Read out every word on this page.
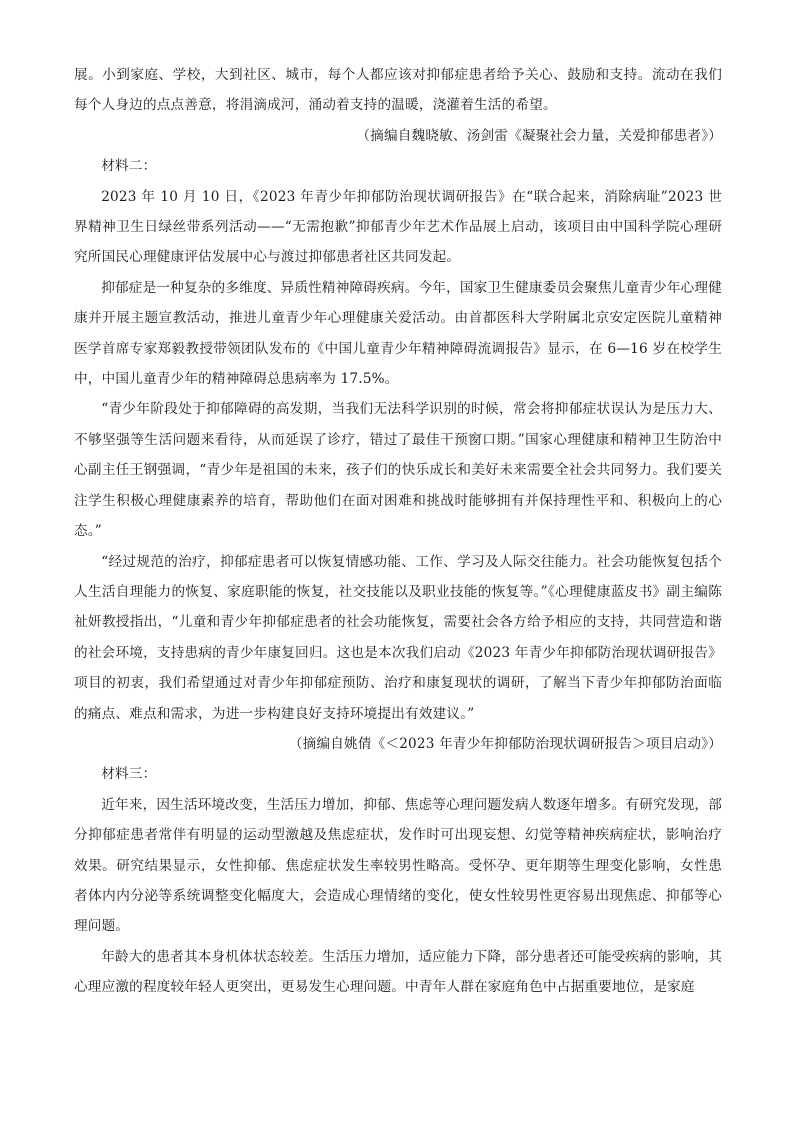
展。小到家庭、学校，大到社区、城市，每个人都应该对抑郁症患者给予关心、鼓励和支持。流动在我们每个人身边的点点善意，将涓滴成河，涌动着支持的温暖，浇灌着生活的希望。

（摘编自魏晓敏、汤剑雷《凝聚社会力量，关爱抑郁患者》）

材料二：

2023 年 10 月 10 日，《2023 年青少年抑郁防治现状调研报告》在“联合起来，消除病耻”2023 世界精神卫生日绿丝带系列活动——“无需抱歉”抑郁青少年艺术作品展上启动，该项目由中国科学院心理研究所国民心理健康评估发展中心与渡过抑郁患者社区共同发起。

抑郁症是一种复杂的多维度、异质性精神障碍疾病。今年，国家卫生健康委员会聚焦儿童青少年心理健康并开展主题宣教活动，推进儿童青少年心理健康关爱活动。由首都医科大学附属北京安定医院儿童精神医学首席专家郑毅教授带领团队发布的《中国儿童青少年精神障碍流调报告》显示，在 6—16 岁在校学生中，中国儿童青少年的精神障碍总患病率为 17.5%。

“青少年阶段处于抑郁障碍的高发期，当我们无法科学识别的时候，常会将抑郁症状误认为是压力大、不够坚强等生活问题来看待，从而延误了诊疗，错过了最佳干预窗口期。”国家心理健康和精神卫生防治中心副主任王钢强调，“青少年是祖国的未来，孩子们的快乐成长和美好未来需要全社会共同努力。我们要关注学生积极心理健康素养的培育，帮助他们在面对困难和挑战时能够拥有并保持理性平和、积极向上的心态。”

“经过规范的治疗，抑郁症患者可以恢复情感功能、工作、学习及人际交往能力。社会功能恢复包括个人生活自理能力的恢复、家庭职能的恢复，社交技能以及职业技能的恢复等。”《心理健康蓝皮书》副主编陈祉妍教授指出，“儿童和青少年抑郁症患者的社会功能恢复，需要社会各方给予相应的支持，共同营造和谐的社会环境，支持患病的青少年康复回归。这也是本次我们启动《2023 年青少年抑郁防治现状调研报告》项目的初衷，我们希望通过对青少年抑郁症预防、治疗和康复现状的调研，了解当下青少年抑郁防治面临的痛点、难点和需求，为进一步构建良好支持环境提出有效建议。”

（摘编自姚倩《＜2023 年青少年抑郁防治现状调研报告＞项目启动》）

材料三：

近年来，因生活环境改变，生活压力增加，抑郁、焦虑等心理问题发病人数逐年增多。有研究发现，部分抑郁症患者常伴有明显的运动型激越及焦虑症状，发作时可出现妄想、幻觉等精神疾病症状，影响治疗效果。研究结果显示，女性抑郁、焦虑症状发生率较男性略高。受怀孕、更年期等生理变化影响，女性患者体内内分泌等系统调整变化幅度大，会造成心理情绪的变化，使女性较男性更容易出现焦虑、抑郁等心理问题。

年龄大的患者其本身机体状态较差。生活压力增加，适应能力下降，部分患者还可能受疾病的影响，其心理应激的程度较年轻人更突出，更易发生心理问题。中青年人群在家庭角色中占据重要地位，是家庭
